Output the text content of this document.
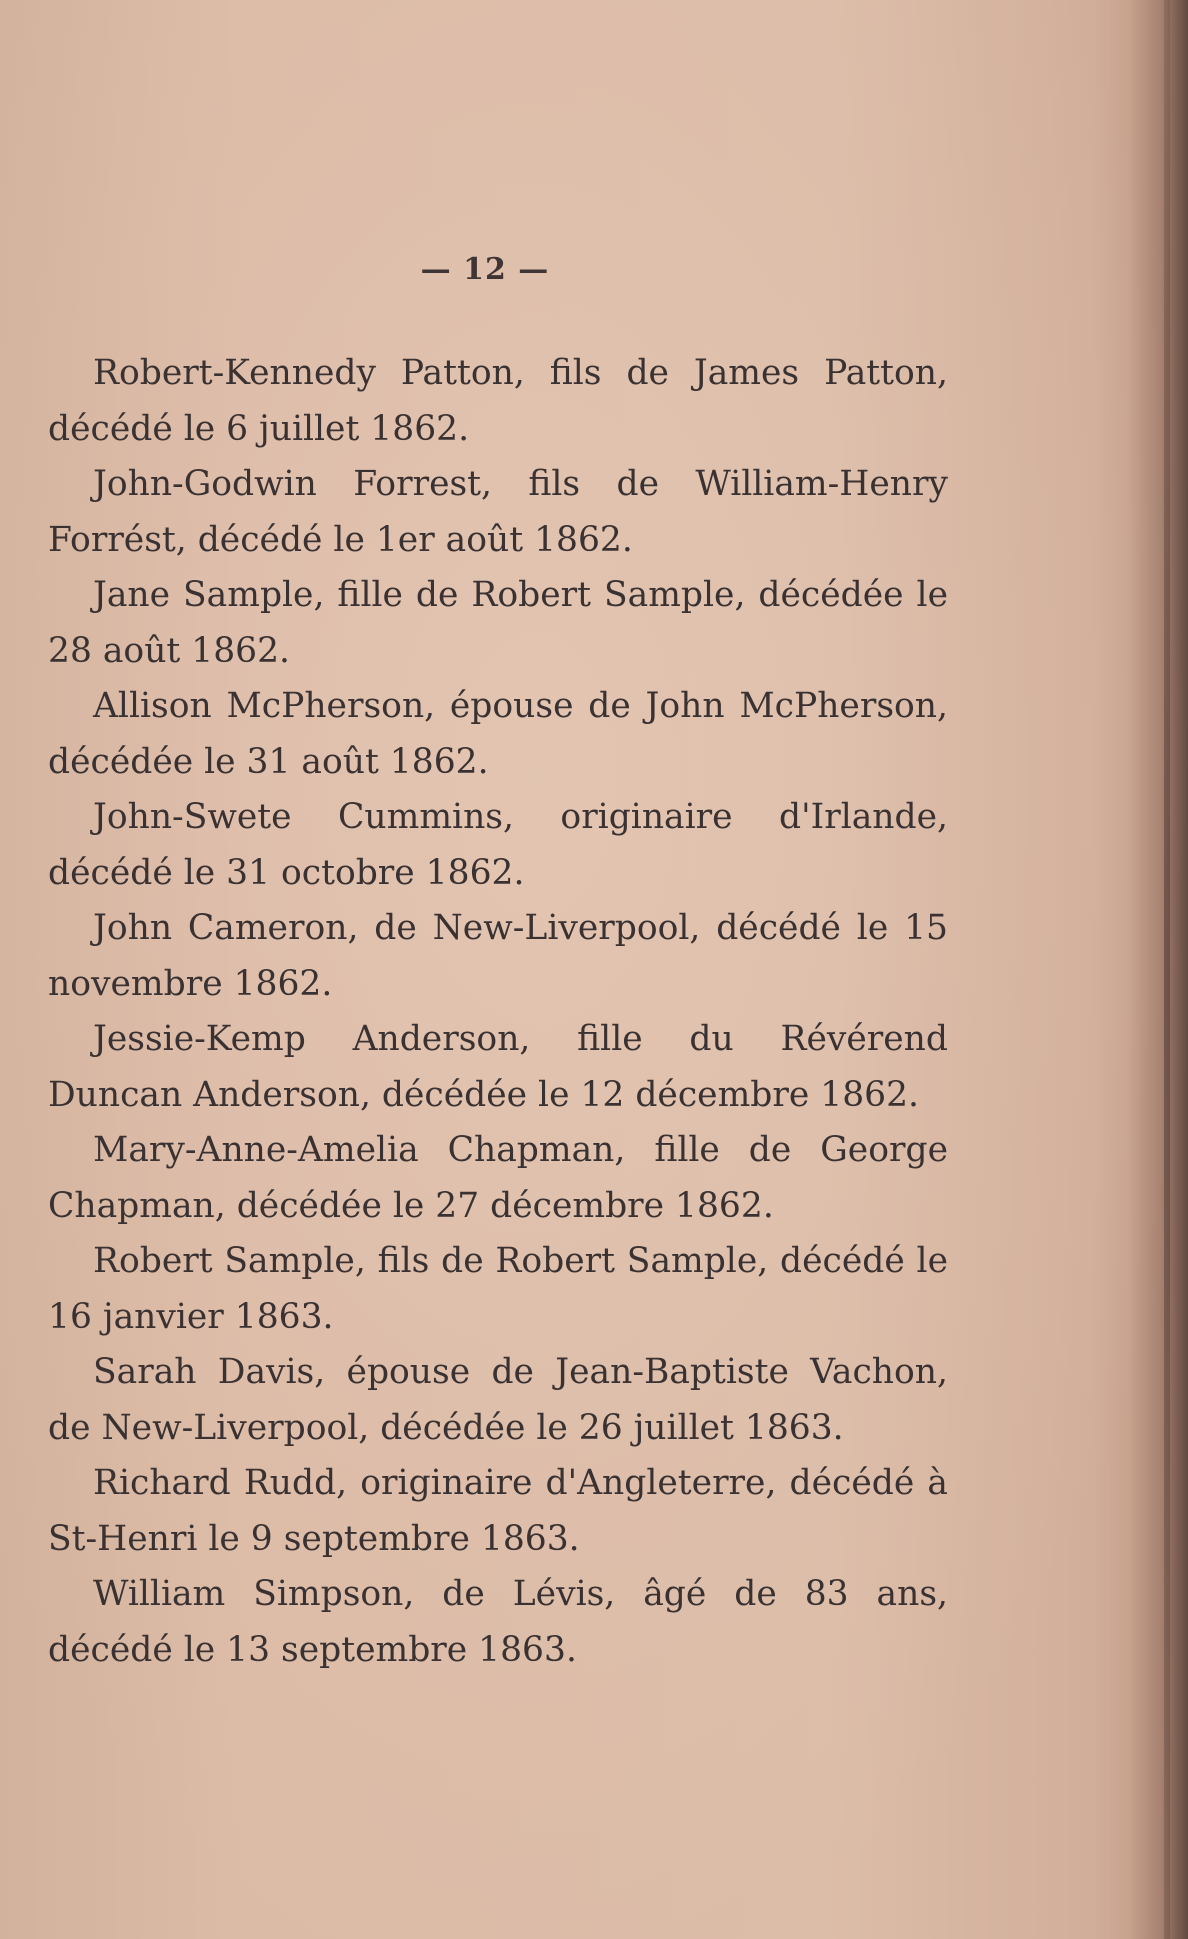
— 12 —

Robert-Kennedy Patton, fils de James Patton, décédé le 6 juillet 1862.

John-Godwin Forrest, fils de William-Henry Forrést, décédé le 1er août 1862.

Jane Sample, fille de Robert Sample, décédée le 28 août 1862.

Allison McPherson, épouse de John McPherson, décédée le 31 août 1862.

John-Swete Cummins, originaire d'Irlande, décédé le 31 octobre 1862.

John Cameron, de New-Liverpool, décédé le 15 novembre 1862.

Jessie-Kemp Anderson, fille du Révérend Duncan Anderson, décédée le 12 décembre 1862.

Mary-Anne-Amelia Chapman, fille de George Chapman, décédée le 27 décembre 1862.

Robert Sample, fils de Robert Sample, décédé le 16 janvier 1863.

Sarah Davis, épouse de Jean-Baptiste Vachon, de New-Liverpool, décédée le 26 juillet 1863.

Richard Rudd, originaire d'Angleterre, décédé à St-Henri le 9 septembre 1863.

William Simpson, de Lévis, âgé de 83 ans, décédé le 13 septembre 1863.
